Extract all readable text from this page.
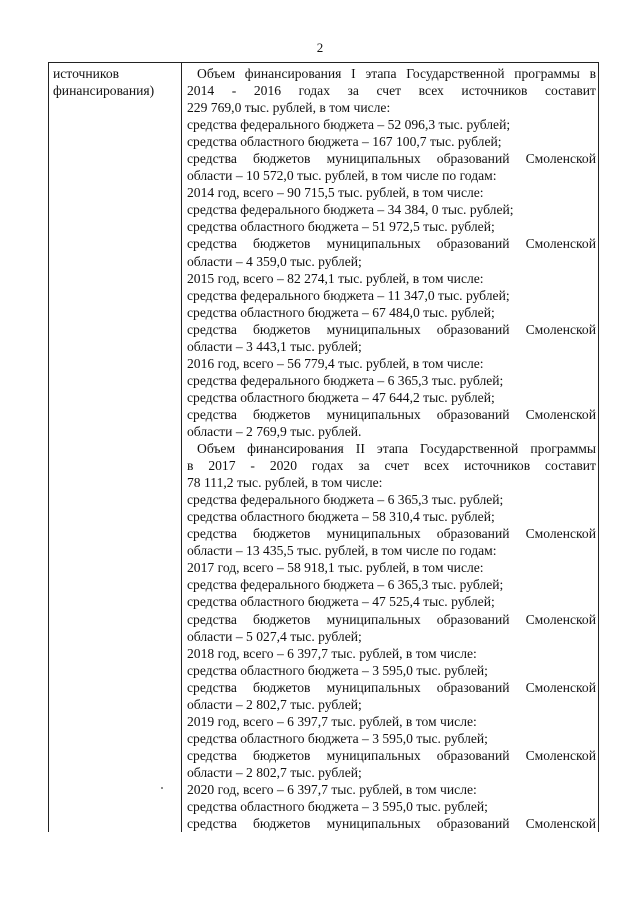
2
источников
финансирования)
Объем финансирования I этапа Государственной программы в
2014 - 2016 годах за счет всех источников составит
229 769,0 тыс. рублей, в том числе:
средства федерального бюджета – 52 096,3 тыс. рублей;
средства областного бюджета – 167 100,7 тыс. рублей;
средства бюджетов муниципальных образований Смоленской
области – 10 572,0 тыс. рублей, в том числе по годам:
2014 год, всего – 90 715,5 тыс. рублей, в том числе:
средства федерального бюджета – 34 384, 0 тыс. рублей;
средства областного бюджета – 51 972,5 тыс. рублей;
средства бюджетов муниципальных образований Смоленской
области – 4 359,0 тыс. рублей;
2015 год, всего – 82 274,1 тыс. рублей, в том числе:
средства федерального бюджета – 11 347,0 тыс. рублей;
средства областного бюджета – 67 484,0 тыс. рублей;
средства бюджетов муниципальных образований Смоленской
области – 3 443,1 тыс. рублей;
2016 год, всего – 56 779,4 тыс. рублей, в том числе:
средства федерального бюджета – 6 365,3 тыс. рублей;
средства областного бюджета – 47 644,2 тыс. рублей;
средства бюджетов муниципальных образований Смоленской
области – 2 769,9 тыс. рублей.
Объем финансирования II этапа Государственной программы
в 2017 - 2020 годах за счет всех источников составит
78 111,2 тыс. рублей, в том числе:
средства федерального бюджета – 6 365,3 тыс. рублей;
средства областного бюджета – 58 310,4 тыс. рублей;
средства бюджетов муниципальных образований Смоленской
области – 13 435,5 тыс. рублей, в том числе по годам:
2017 год, всего – 58 918,1 тыс. рублей, в том числе:
средства федерального бюджета – 6 365,3 тыс. рублей;
средства областного бюджета – 47 525,4 тыс. рублей;
средства бюджетов муниципальных образований Смоленской
области – 5 027,4 тыс. рублей;
2018 год, всего – 6 397,7 тыс. рублей, в том числе:
средства областного бюджета – 3 595,0 тыс. рублей;
средства бюджетов муниципальных образований Смоленской
области – 2 802,7 тыс. рублей;
2019 год, всего – 6 397,7 тыс. рублей, в том числе:
средства областного бюджета – 3 595,0 тыс. рублей;
средства бюджетов муниципальных образований Смоленской
области – 2 802,7 тыс. рублей;
2020 год, всего – 6 397,7 тыс. рублей, в том числе:
средства областного бюджета – 3 595,0 тыс. рублей;
средства бюджетов муниципальных образований Смоленской
